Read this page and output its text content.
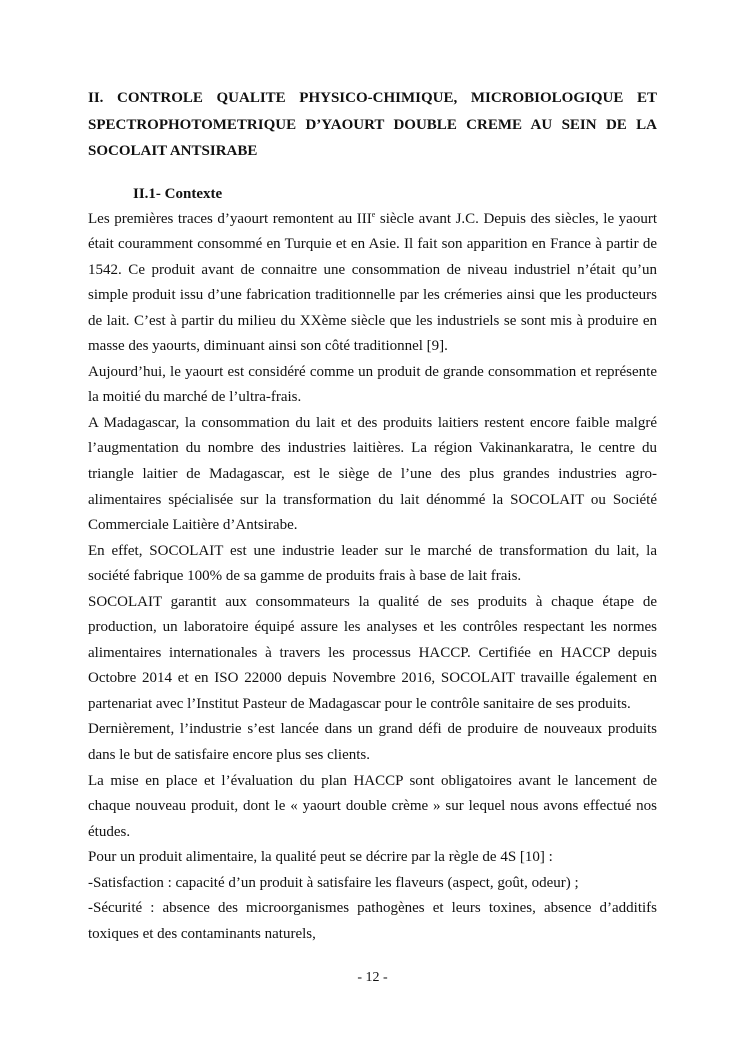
II. CONTROLE QUALITE PHYSICO-CHIMIQUE, MICROBIOLOGIQUE ET
SPECTROPHOTOMETRIQUE D’YAOURT DOUBLE CREME AU SEIN DE LA
SOCOLAIT ANTSIRABE
II.1- Contexte
Les premières traces d’yaourt remontent au IIIe siècle avant J.C. Depuis des siècles, le yaourt
était couramment consommé en Turquie et en Asie. Il fait son apparition en France à partir de
1542. Ce produit avant de connaitre une consommation de niveau industriel n’était qu’un
simple produit issu d’une fabrication traditionnelle par les crémeries ainsi que les producteurs
de lait. C’est à partir du milieu du XXème siècle que les industriels se sont mis à produire en
masse des yaourts, diminuant ainsi son côté traditionnel [9].
Aujourd’hui, le yaourt est considéré comme un produit de grande consommation et représente
la moitié du marché de l’ultra-frais.
A Madagascar, la consommation du lait et des produits laitiers restent encore faible malgré
l’augmentation du nombre des industries laitières. La région Vakinankaratra, le centre du
triangle laitier de Madagascar, est le siège de l’une des plus grandes industries agro-
alimentaires spécialisée sur la transformation du lait dénommé la SOCOLAIT ou Société
Commerciale Laitière d’Antsirabe.
En effet, SOCOLAIT est une industrie leader sur le marché de transformation du lait, la
société fabrique 100% de sa gamme de produits frais à base de lait frais.
SOCOLAIT garantit aux consommateurs la qualité de ses produits à chaque étape de
production, un laboratoire équipé assure les analyses et les contrôles respectant les normes
alimentaires internationales à travers les processus HACCP. Certifiée en HACCP depuis
Octobre 2014 et en ISO 22000 depuis Novembre 2016, SOCOLAIT travaille également en
partenariat avec l’Institut Pasteur de Madagascar pour le contrôle sanitaire de ses produits.
Dernièrement, l’industrie s’est lancée dans un grand défi de produire de nouveaux produits
dans le but de satisfaire encore plus ses clients.
La mise en place et l’évaluation du plan HACCP sont obligatoires avant le lancement de
chaque nouveau produit, dont le « yaourt double crème » sur lequel nous avons effectué nos
études.
Pour un produit alimentaire, la qualité peut se décrire par la règle de 4S [10] :
-Satisfaction : capacité d’un produit à satisfaire les flaveurs (aspect, goût, odeur) ;
-Sécurité : absence des microorganismes pathogènes et leurs toxines, absence d’additifs
toxiques et des contaminants naturels,
- 12 -
